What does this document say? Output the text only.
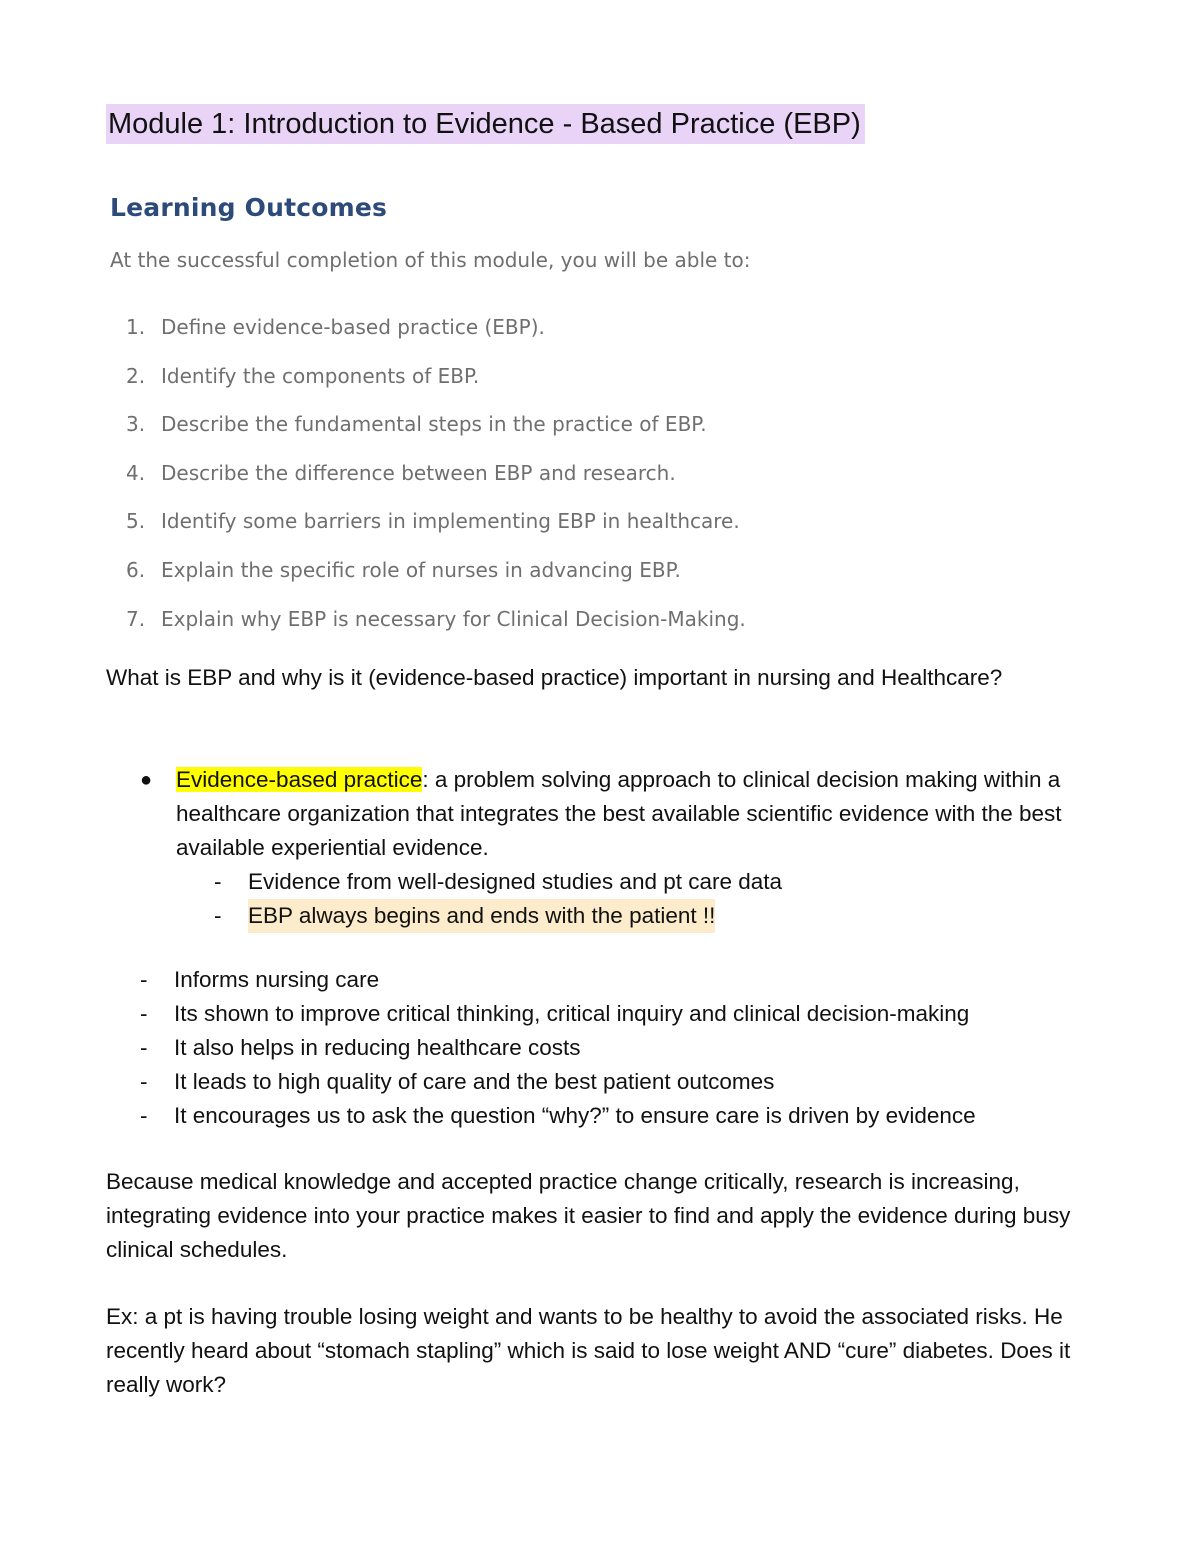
Module 1: Introduction to Evidence - Based Practice (EBP)
Learning Outcomes

At the successful completion of this module, you will be able to:

1. Define evidence-based practice (EBP).
2. Identify the components of EBP.
3. Describe the fundamental steps in the practice of EBP.
4. Describe the difference between EBP and research.
5. Identify some barriers in implementing EBP in healthcare.
6. Explain the specific role of nurses in advancing EBP.
7. Explain why EBP is necessary for Clinical Decision-Making.

What is EBP and why is it (evidence-based practice) important in nursing and Healthcare?

●	Evidence-based practice: a problem solving approach to clinical decision making within a healthcare organization that integrates the best available scientific evidence with the best available experiential evidence.
-	Evidence from well-designed studies and pt care data
-	EBP always begins and ends with the patient !!
-	Informs nursing care
-	Its shown to improve critical thinking, critical inquiry and clinical decision-making
-	It also helps in reducing healthcare costs
-	It leads to high quality of care and the best patient outcomes
-	It encourages us to ask the question “why?” to ensure care is driven by evidence

Because medical knowledge and accepted practice change critically, research is increasing, integrating evidence into your practice makes it easier to find and apply the evidence during busy clinical schedules.

Ex: a pt is having trouble losing weight and wants to be healthy to avoid the associated risks. He recently heard about “stomach stapling” which is said to lose weight AND “cure” diabetes. Does it really work?
